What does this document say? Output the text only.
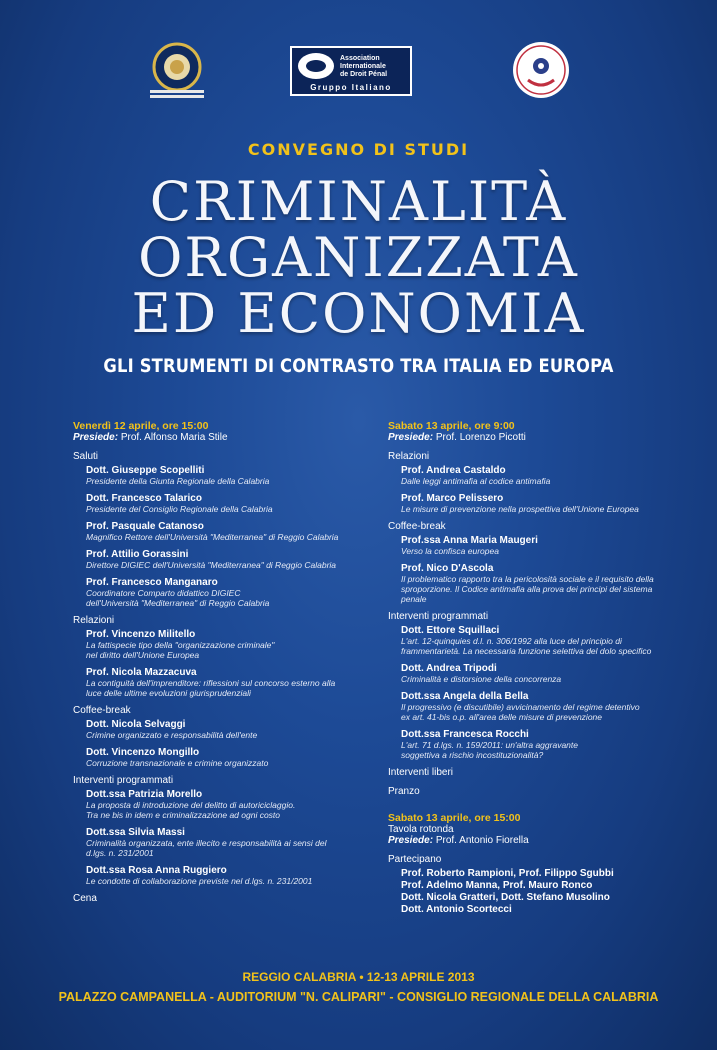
Association
Internationale
de Droit Pénal
Gruppo Italiano
CONVEGNO DI STUDI
CRIMINALITÀ
ORGANIZZATA
ED ECONOMIA
GLI STRUMENTI DI CONTRASTO TRA ITALIA ED EUROPA
Venerdì 12 aprile, ore 15:00
Presiede: Prof. Alfonso Maria Stile
Saluti
Dott. Giuseppe Scopelliti
Presidente della Giunta Regionale della Calabria
Dott. Francesco Talarico
Presidente del Consiglio Regionale della Calabria
Prof. Pasquale Catanoso
Magnifico Rettore dell'Università "Mediterranea" di Reggio Calabria
Prof. Attilio Gorassini
Direttore DIGIEC dell'Università "Mediterranea" di Reggio Calabria
Prof. Francesco Manganaro
Coordinatore Comparto didattico DIGIEC
dell'Università "Mediterranea" di Reggio Calabria
Relazioni
Prof. Vincenzo Militello
La fattispecie tipo della "organizzazione criminale"
nel diritto dell'Unione Europea
Prof. Nicola Mazzacuva
La contiguità dell'imprenditore: riflessioni sul concorso esterno alla
luce delle ultime evoluzioni giurisprudenziali
Coffee-break
Dott. Nicola Selvaggi
Crimine organizzato e responsabilità dell'ente
Dott. Vincenzo Mongillo
Corruzione transnazionale e crimine organizzato
Interventi programmati
Dott.ssa Patrizia Morello
La proposta di introduzione del delitto di autoriciclaggio.
Tra ne bis in idem e criminalizzazione ad ogni costo
Dott.ssa Silvia Massi
Criminalità organizzata, ente illecito e responsabilità ai sensi del
d.lgs. n. 231/2001
Dott.ssa Rosa Anna Ruggiero
Le condotte di collaborazione previste nel d.lgs. n. 231/2001
Cena
Sabato 13 aprile, ore 9:00
Presiede: Prof. Lorenzo Picotti
Relazioni
Prof. Andrea Castaldo
Dalle leggi antimafia al codice antimafia
Prof. Marco Pelissero
Le misure di prevenzione nella prospettiva dell'Unione Europea
Coffee-break
Prof.ssa Anna Maria Maugeri
Verso la confisca europea
Prof. Nico D'Ascola
Il problematico rapporto tra la pericolosità sociale e il requisito della
sproporzione. Il Codice antimafia alla prova dei principi del sistema penale
Interventi programmati
Dott. Ettore Squillaci
L'art. 12-quinquies d.l. n. 306/1992 alla luce del principio di
frammentarietà. La necessaria funzione selettiva del dolo specifico
Dott. Andrea Tripodi
Criminalità e distorsione della concorrenza
Dott.ssa Angela della Bella
Il progressivo (e discutibile) avvicinamento del regime detentivo
ex art. 41-bis o.p. all'area delle misure di prevenzione
Dott.ssa Francesca Rocchi
L'art. 71 d.lgs. n. 159/2011: un'altra aggravante
soggettiva a rischio incostituzionalità?
Interventi liberi
Pranzo
Sabato 13 aprile, ore 15:00
Tavola rotonda
Presiede: Prof. Antonio Fiorella
Partecipano
Prof. Roberto Rampioni, Prof. Filippo Sgubbi
Prof. Adelmo Manna, Prof. Mauro Ronco
Dott. Nicola Gratteri, Dott. Stefano Musolino
Dott. Antonio Scortecci
REGGIO CALABRIA • 12-13 APRILE 2013
PALAZZO CAMPANELLA - AUDITORIUM "N. CALIPARI" - CONSIGLIO REGIONALE DELLA CALABRIA
